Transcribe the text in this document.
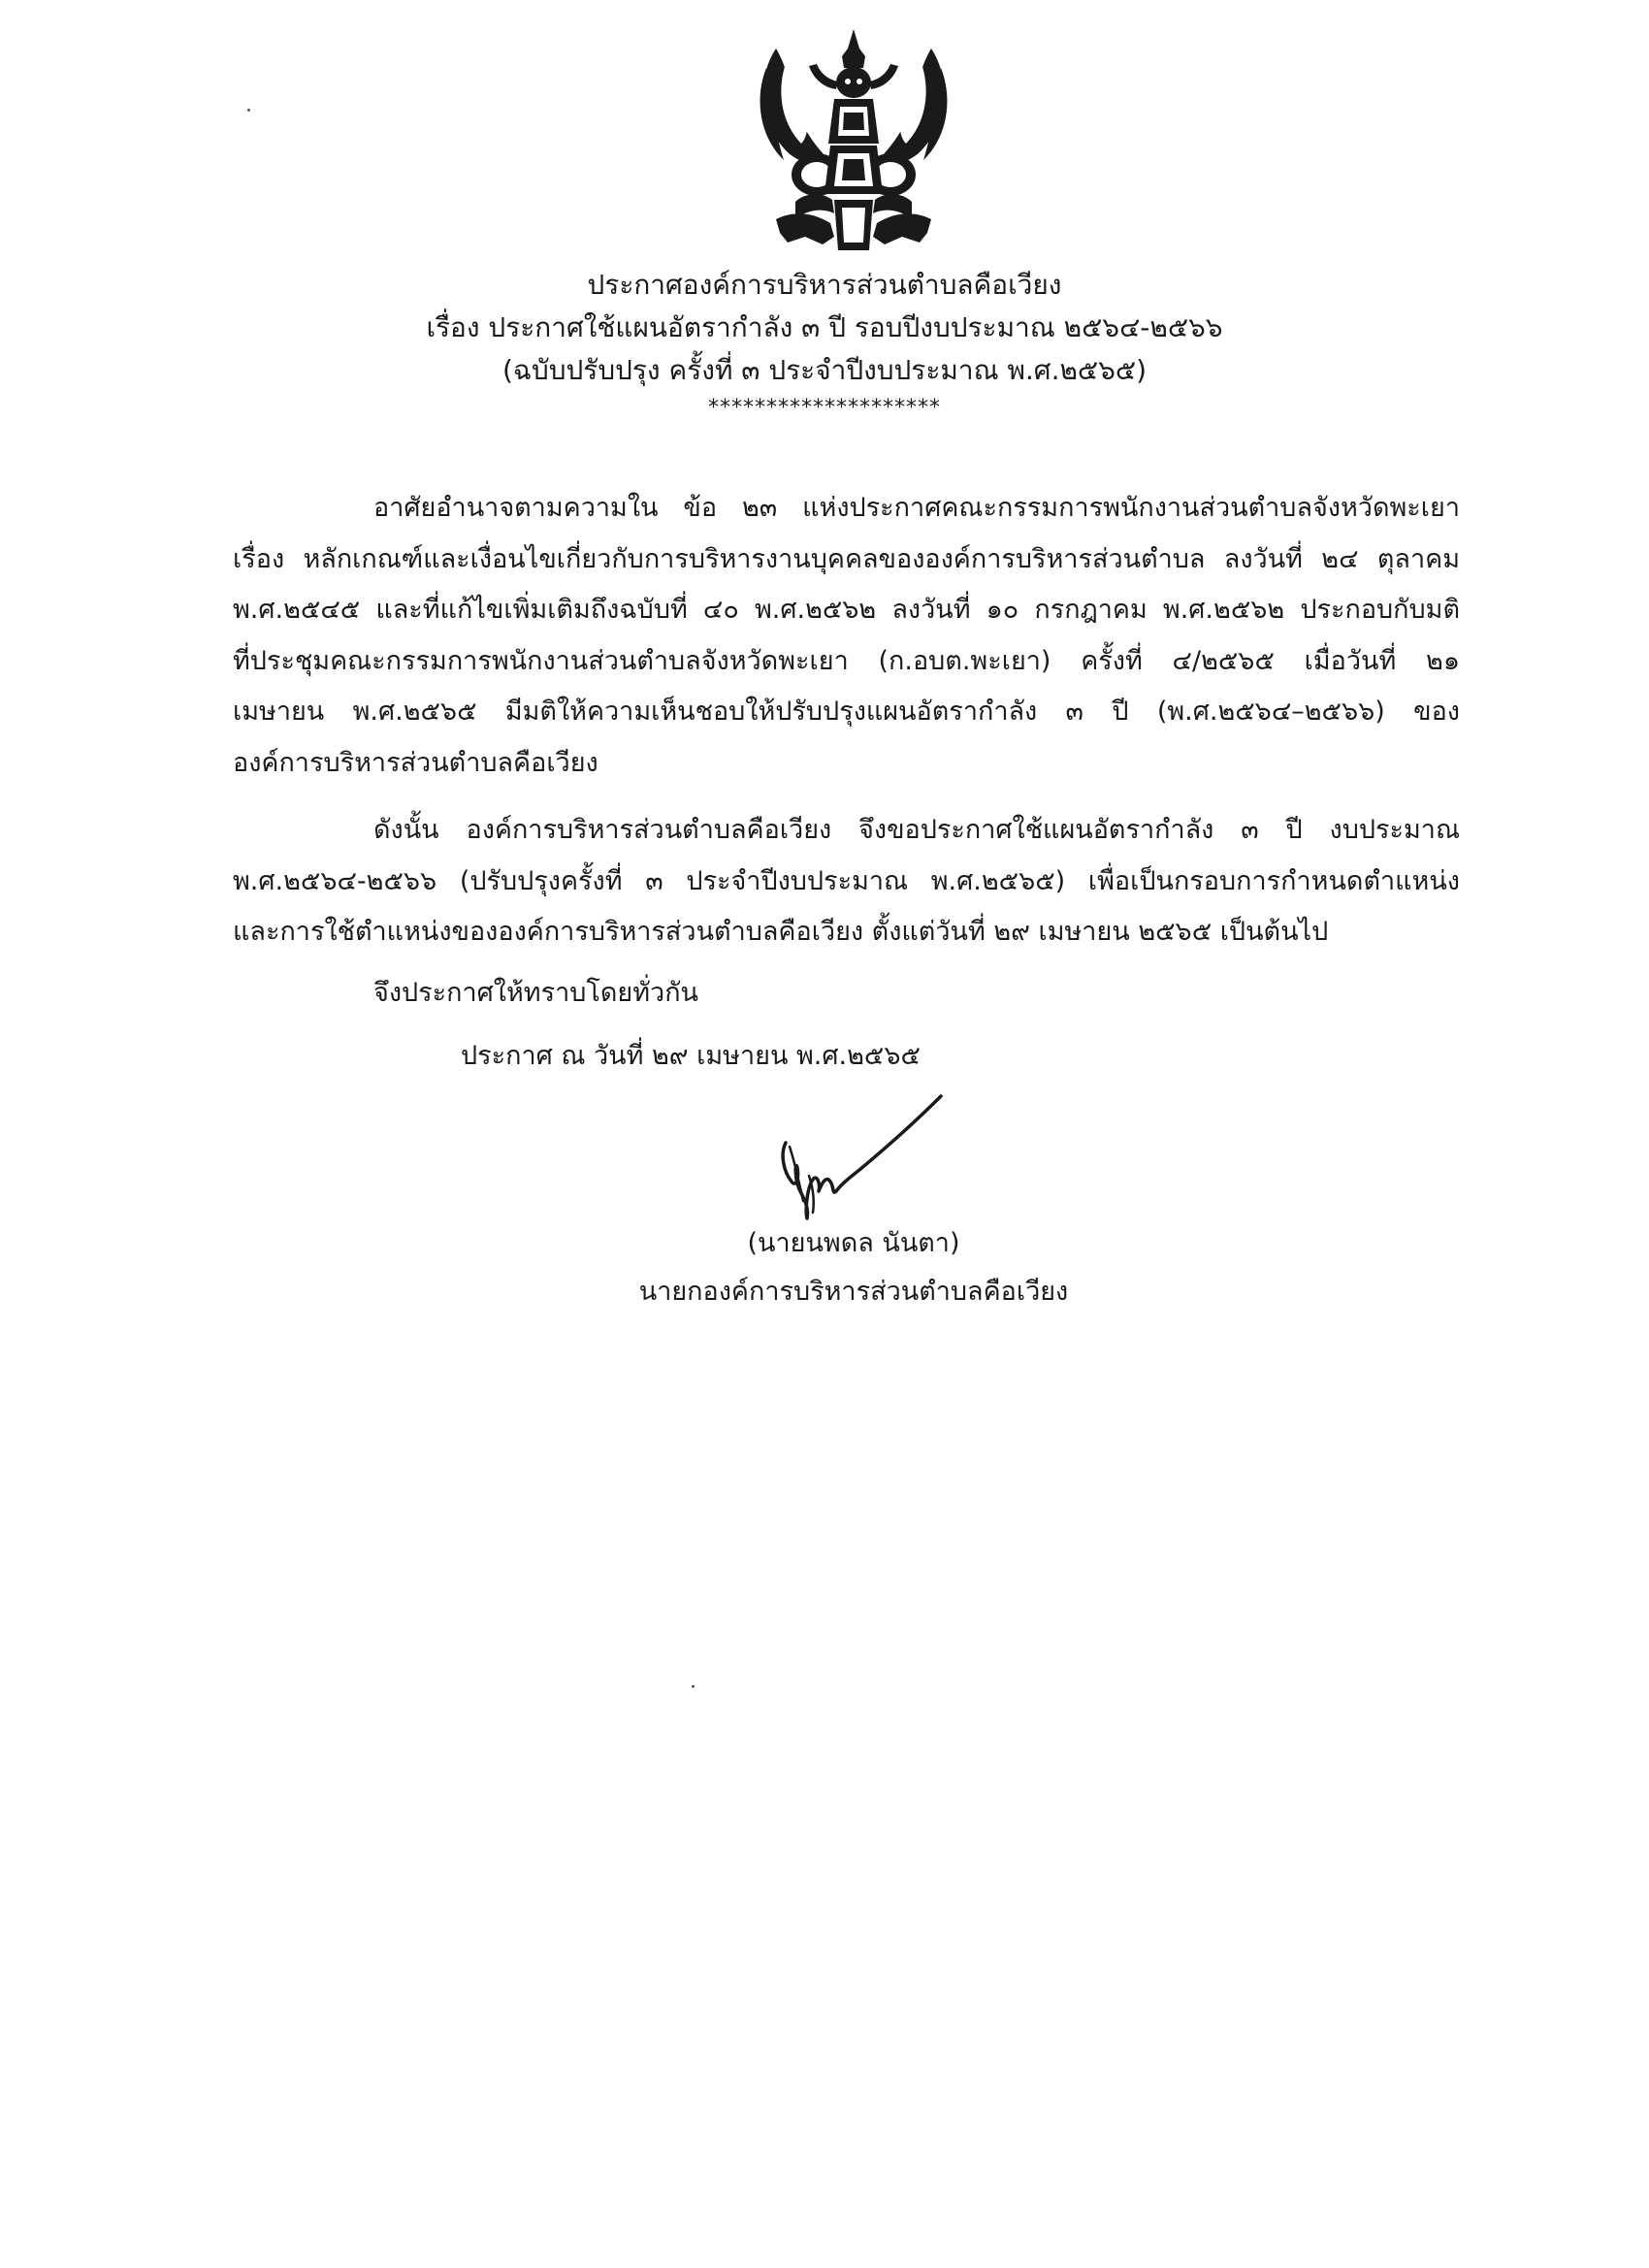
ประกาศองค์การบริหารส่วนตำบลคือเวียง
เรื่อง ประกาศใช้แผนอัตรากำลัง ๓ ปี รอบปีงบประมาณ ๒๕๖๔-๒๕๖๖
(ฉบับปรับปรุง ครั้งที่ ๓ ประจำปีงบประมาณ พ.ศ.๒๕๖๕)
********************
อาศัยอำนาจตามความใน ข้อ ๒๓ แห่งประกาศคณะกรรมการพนักงานส่วนตำบลจังหวัดพะเยา
เรื่อง หลักเกณฑ์และเงื่อนไขเกี่ยวกับการบริหารงานบุคคลขององค์การบริหารส่วนตำบล ลงวันที่ ๒๔ ตุลาคม
พ.ศ.๒๕๔๕ และที่แก้ไขเพิ่มเติมถึงฉบับที่ ๔๐ พ.ศ.๒๕๖๒ ลงวันที่ ๑๐ กรกฎาคม พ.ศ.๒๕๖๒ ประกอบกับมติ
ที่ประชุมคณะกรรมการพนักงานส่วนตำบลจังหวัดพะเยา (ก.อบต.พะเยา) ครั้งที่ ๔/๒๕๖๕ เมื่อวันที่ ๒๑
เมษายน พ.ศ.๒๕๖๕ มีมติให้ความเห็นชอบให้ปรับปรุงแผนอัตรากำลัง ๓ ปี (พ.ศ.๒๕๖๔–๒๕๖๖) ของ
องค์การบริหารส่วนตำบลคือเวียง
ดังนั้น องค์การบริหารส่วนตำบลคือเวียง จึงขอประกาศใช้แผนอัตรากำลัง ๓ ปี งบประมาณ
พ.ศ.๒๕๖๔-๒๕๖๖ (ปรับปรุงครั้งที่ ๓ ประจำปีงบประมาณ พ.ศ.๒๕๖๕) เพื่อเป็นกรอบการกำหนดตำแหน่ง
และการใช้ตำแหน่งขององค์การบริหารส่วนตำบลคือเวียง ตั้งแต่วันที่ ๒๙ เมษายน ๒๕๖๕ เป็นต้นไป
จึงประกาศให้ทราบโดยทั่วกัน
ประกาศ ณ วันที่ ๒๙ เมษายน พ.ศ.๒๕๖๕
(นายนพดล นันตา)
นายกองค์การบริหารส่วนตำบลคือเวียง
